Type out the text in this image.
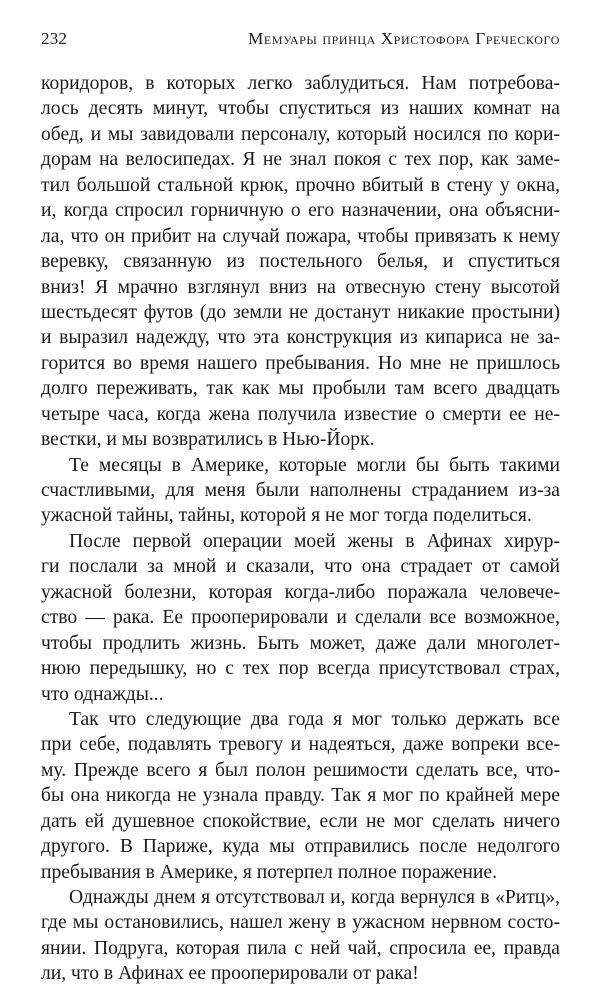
232	Мемуары принца Христофора Греческого
коридоров, в которых легко заблудиться. Нам потребова-
лось десять минут, чтобы спуститься из наших комнат на
обед, и мы завидовали персоналу, который носился по кори-
дорам на велосипедах. Я не знал покоя с тех пор, как заме-
тил большой стальной крюк, прочно вбитый в стену у окна,
и, когда спросил горничную о его назначении, она объясни-
ла, что он прибит на случай пожара, чтобы привязать к нему
веревку, связанную из постельного белья, и спуститься
вниз! Я мрачно взглянул вниз на отвесную стену высотой
шестьдесят футов (до земли не достанут никакие простыни)
и выразил надежду, что эта конструкция из кипариса не за-
горится во время нашего пребывания. Но мне не пришлось
долго переживать, так как мы пробыли там всего двадцать
четыре часа, когда жена получила известие о смерти ее не-
вестки, и мы возвратились в Нью-Йорк.
Те месяцы в Америке, которые могли бы быть такими
счастливыми, для меня были наполнены страданием из-за
ужасной тайны, тайны, которой я не мог тогда поделиться.
После первой операции моей жены в Афинах хирур-
ги послали за мной и сказали, что она страдает от самой
ужасной болезни, которая когда-либо поражала человече-
ство — рака. Ее прооперировали и сделали все возможное,
чтобы продлить жизнь. Быть может, даже дали многолет-
нюю передышку, но с тех пор всегда присутствовал страх,
что однажды...
Так что следующие два года я мог только держать все
при себе, подавлять тревогу и надеяться, даже вопреки все-
му. Прежде всего я был полон решимости сделать все, что-
бы она никогда не узнала правду. Так я мог по крайней мере
дать ей душевное спокойствие, если не мог сделать ничего
другого. В Париже, куда мы отправились после недолгого
пребывания в Америке, я потерпел полное поражение.
Однажды днем я отсутствовал и, когда вернулся в «Ритц»,
где мы остановились, нашел жену в ужасном нервном состо-
янии. Подруга, которая пила с ней чай, спросила ее, правда
ли, что в Афинах ее прооперировали от рака!
